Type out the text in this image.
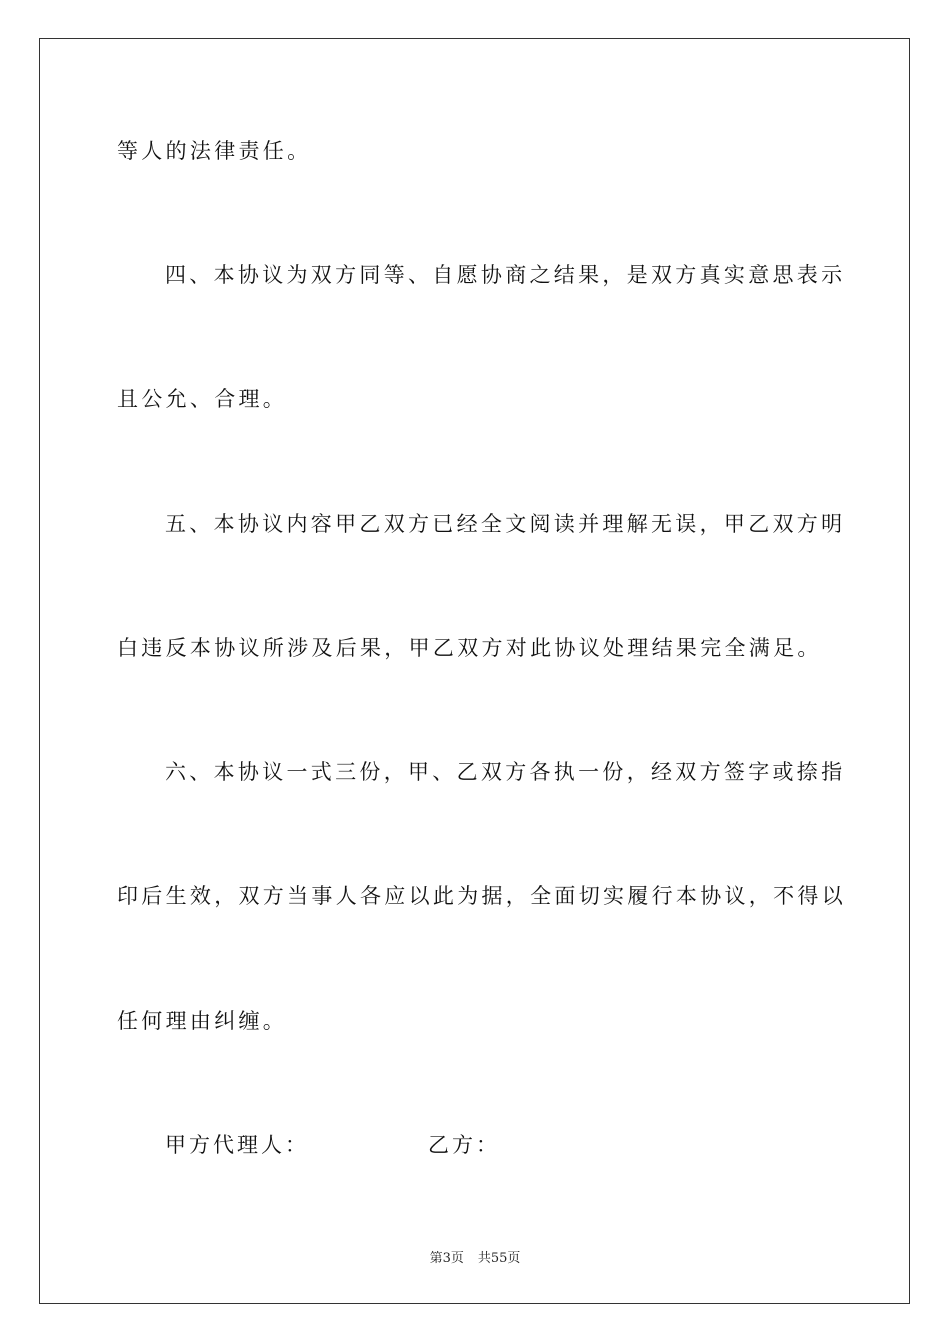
等人的法律责任。
四、本协议为双方同等、自愿协商之结果，是双方真实意思表示
且公允、合理。
五、本协议内容甲乙双方已经全文阅读并理解无误，甲乙双方明
白违反本协议所涉及后果，甲乙双方对此协议处理结果完全满足。
六、本协议一式三份，甲、乙双方各执一份，经双方签字或捺指
印后生效，双方当事人各应以此为据，全面切实履行本协议，不得以
任何理由纠缠。
甲方代理人：	乙方：
第3页 共55页
